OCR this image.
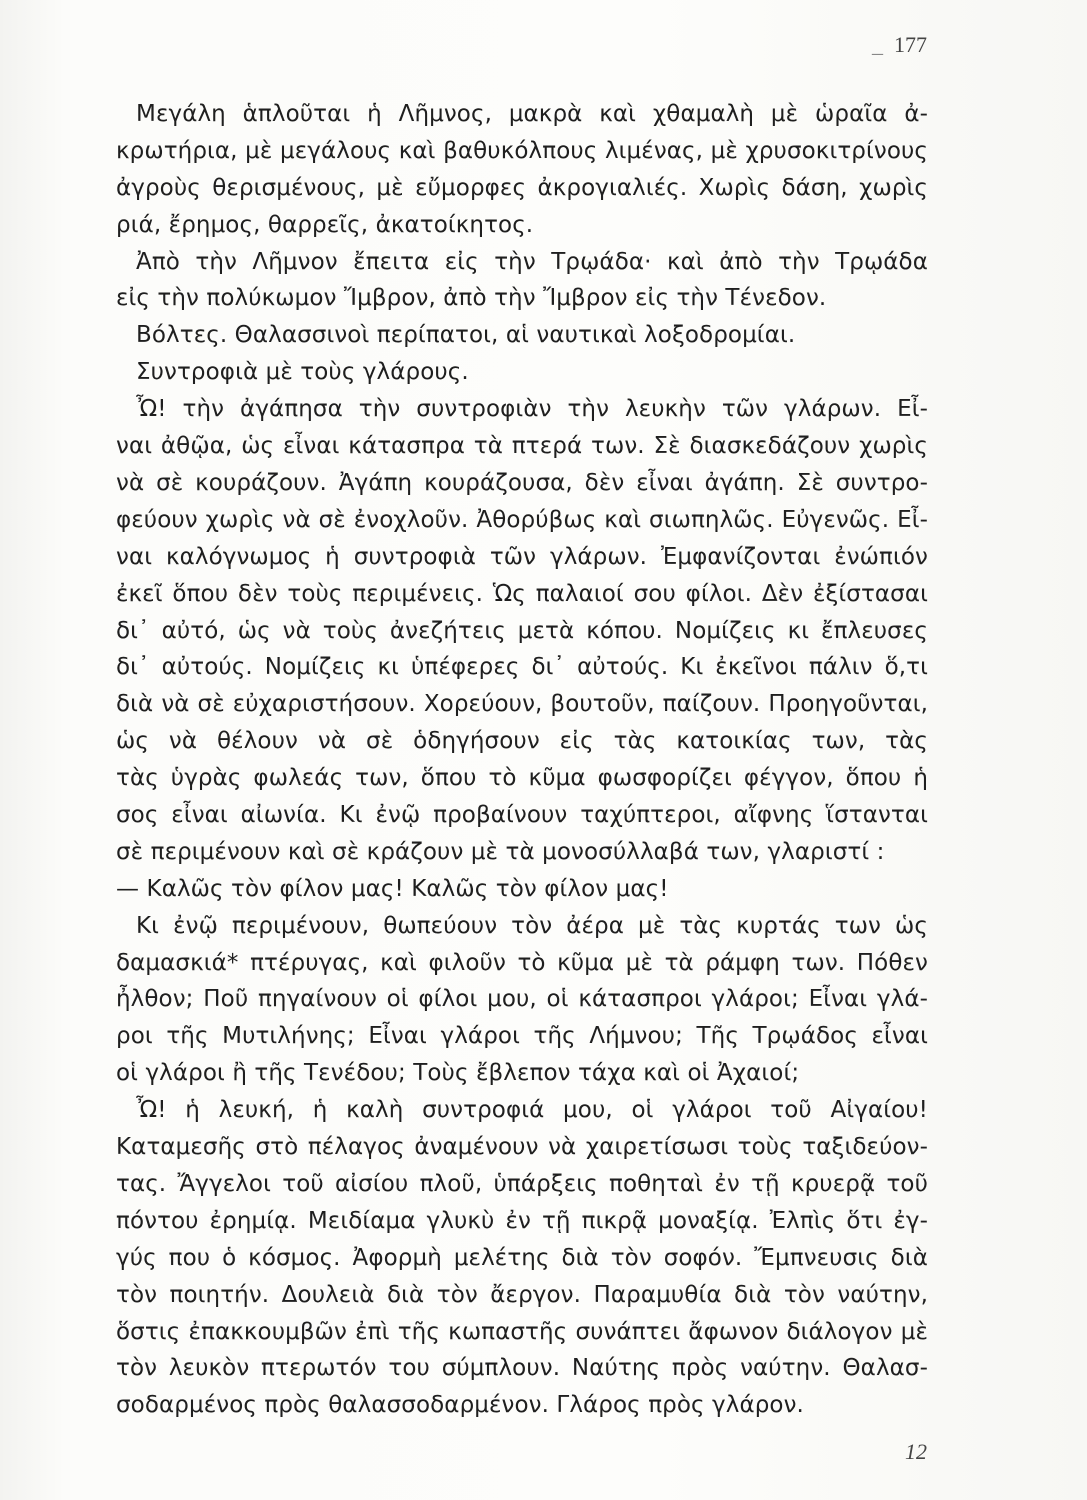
_ 177
Μεγάλη ἁπλοῦται ἡ Λῆμνος, μακρὰ καὶ χθαμαλὴ μὲ ὡραῖα ἀ-
κρωτήρια, μὲ μεγάλους καὶ βαθυκόλπους λιμένας, μὲ χρυσοκιτρίνους
ἀγροὺς θερισμένους, μὲ εὔμορφες ἀκρογιαλιές. Χωρὶς δάση, χωρὶς
ριά, ἔρημος, θαρρεῖς, ἀκατοίκητος.
Ἀπὸ τὴν Λῆμνον ἔπειτα εἰς τὴν Τρῳάδα· καὶ ἀπὸ τὴν Τρῳάδα
εἰς τὴν πολύκωμον Ἴμβρον, ἀπὸ τὴν Ἴμβρον εἰς τὴν Τένεδον.
Βόλτες. Θαλασσινοὶ περίπατοι, αἱ ναυτικαὶ λοξοδρομίαι.
Συντροφιὰ μὲ τοὺς γλάρους.
Ὦ! τὴν ἀγάπησα τὴν συντροφιὰν τὴν λευκὴν τῶν γλάρων. Εἶ-
ναι ἀθῷα, ὡς εἶναι κάτασπρα τὰ πτερά των. Σὲ διασκεδάζουν χωρὶς
νὰ σὲ κουράζουν. Ἀγάπη κουράζουσα, δὲν εἶναι ἀγάπη. Σὲ συντρο-
φεύουν χωρὶς νὰ σὲ ἐνοχλοῦν. Ἀθορύβως καὶ σιωπηλῶς. Εὐγενῶς. Εἶ-
ναι καλόγνωμος ἡ συντροφιὰ τῶν γλάρων. Ἐμφανίζονται ἐνώπιόν
ἐκεῖ ὅπου δὲν τοὺς περιμένεις. Ὡς παλαιοί σου φίλοι. Δὲν ἐξίστασαι
δι᾿ αὐτό, ὡς νὰ τοὺς ἀνεζήτεις μετὰ κόπου. Νομίζεις κι ἔπλευσες
δι᾿ αὐτούς. Νομίζεις κι ὑπέφερες δι᾿ αὐτούς. Κι ἐκεῖνοι πάλιν ὅ,τι
διὰ νὰ σὲ εὐχαριστήσουν. Χορεύουν, βουτοῦν, παίζουν. Προηγοῦνται,
ὡς νὰ θέλουν νὰ σὲ ὁδηγήσουν εἰς τὰς κατοικίας των, τὰς
τὰς ὑγρὰς φωλεάς των, ὅπου τὸ κῦμα φωσφορίζει φέγγον, ὅπου ἡ
σος εἶναι αἰωνία. Κι ἐνῷ προβαίνουν ταχύπτεροι, αἴφνης ἵστανται
σὲ περιμένουν καὶ σὲ κράζουν μὲ τὰ μονοσύλλαβά των, γλαριστί :
— Καλῶς τὸν φίλον μας! Καλῶς τὸν φίλον μας!
Κι ἐνῷ περιμένουν, θωπεύουν τὸν ἀέρα μὲ τὰς κυρτάς των ὡς
δαμασκιά* πτέρυγας, καὶ φιλοῦν τὸ κῦμα μὲ τὰ ράμφη των. Πόθεν
ἦλθον; Ποῦ πηγαίνουν οἱ φίλοι μου, οἱ κάτασπροι γλάροι; Εἶναι γλά-
ροι τῆς Μυτιλήνης; Εἶναι γλάροι τῆς Λήμνου; Τῆς Τρῳάδος εἶναι
οἱ γλάροι ἢ τῆς Τενέδου; Τοὺς ἔβλεπον τάχα καὶ οἱ Ἀχαιοί;
Ὦ! ἡ λευκή, ἡ καλὴ συντροφιά μου, οἱ γλάροι τοῦ Αἰγαίου!
Καταμεσῆς στὸ πέλαγος ἀναμένουν νὰ χαιρετίσωσι τοὺς ταξιδεύον-
τας. Ἄγγελοι τοῦ αἰσίου πλοῦ, ὑπάρξεις ποθηταὶ ἐν τῇ κρυερᾷ τοῦ
πόντου ἐρημίᾳ. Μειδίαμα γλυκὺ ἐν τῇ πικρᾷ μοναξίᾳ. Ἐλπὶς ὅτι ἐγ-
γύς που ὁ κόσμος. Ἀφορμὴ μελέτης διὰ τὸν σοφόν. Ἔμπνευσις διὰ
τὸν ποιητήν. Δουλειὰ διὰ τὸν ἄεργον. Παραμυθία διὰ τὸν ναύτην,
ὅστις ἐπακκουμβῶν ἐπὶ τῆς κωπαστῆς συνάπτει ἄφωνον διάλογον μὲ
τὸν λευκὸν πτερωτόν του σύμπλουν. Ναύτης πρὸς ναύτην. Θαλασ-
σοδαρμένος πρὸς θαλασσοδαρμένον. Γλάρος πρὸς γλάρον.
12
